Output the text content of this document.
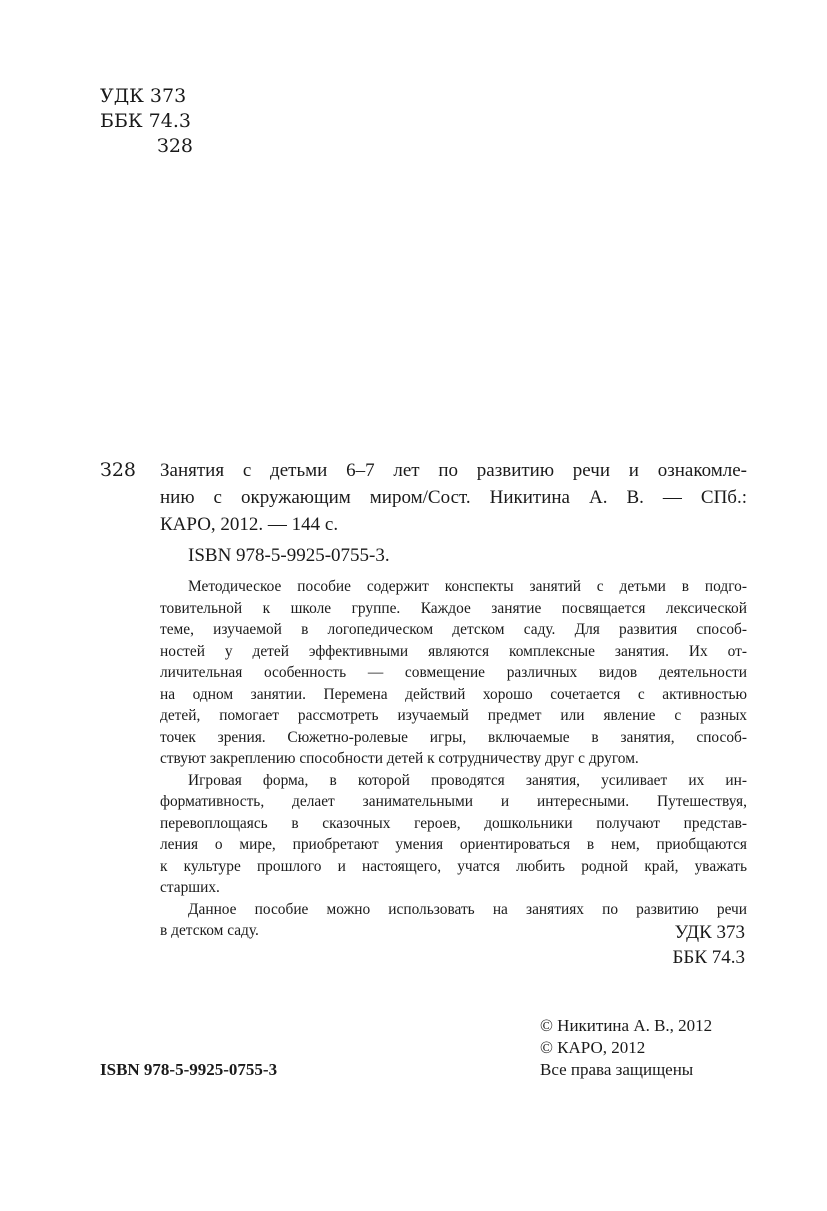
УДК 373
ББК 74.3
З28
З28 Занятия с детьми 6–7 лет по развитию речи и ознакомле-
нию с окружающим миром/Сост. Никитина А. В. — СПб.:
КАРО, 2012. — 144 с.
ISBN 978-5-9925-0755-3.
Методическое пособие содержит конспекты занятий с детьми в подго-
товительной к школе группе. Каждое занятие посвящается лексической
теме, изучаемой в логопедическом детском саду. Для развития способ-
ностей у детей эффективными являются комплексные занятия. Их от-
личительная особенность — совмещение различных видов деятельности
на одном занятии. Перемена действий хорошо сочетается с активностью
детей, помогает рассмотреть изучаемый предмет или явление с разных
точек зрения. Сюжетно-ролевые игры, включаемые в занятия, способ-
ствуют закреплению способности детей к сотрудничеству друг с другом.
Игровая форма, в которой проводятся занятия, усиливает их ин-
формативность, делает занимательными и интересными. Путешествуя,
перевоплощаясь в сказочных героев, дошкольники получают представ-
ления о мире, приобретают умения ориентироваться в нем, приобщаются
к культуре прошлого и настоящего, учатся любить родной край, уважать
старших.
Данное пособие можно использовать на занятиях по развитию речи
в детском саду.	УДК 373
ББК 74.3
© Никитина А. В., 2012
© КАРО, 2012
Все права защищены
ISBN 978-5-9925-0755-3
